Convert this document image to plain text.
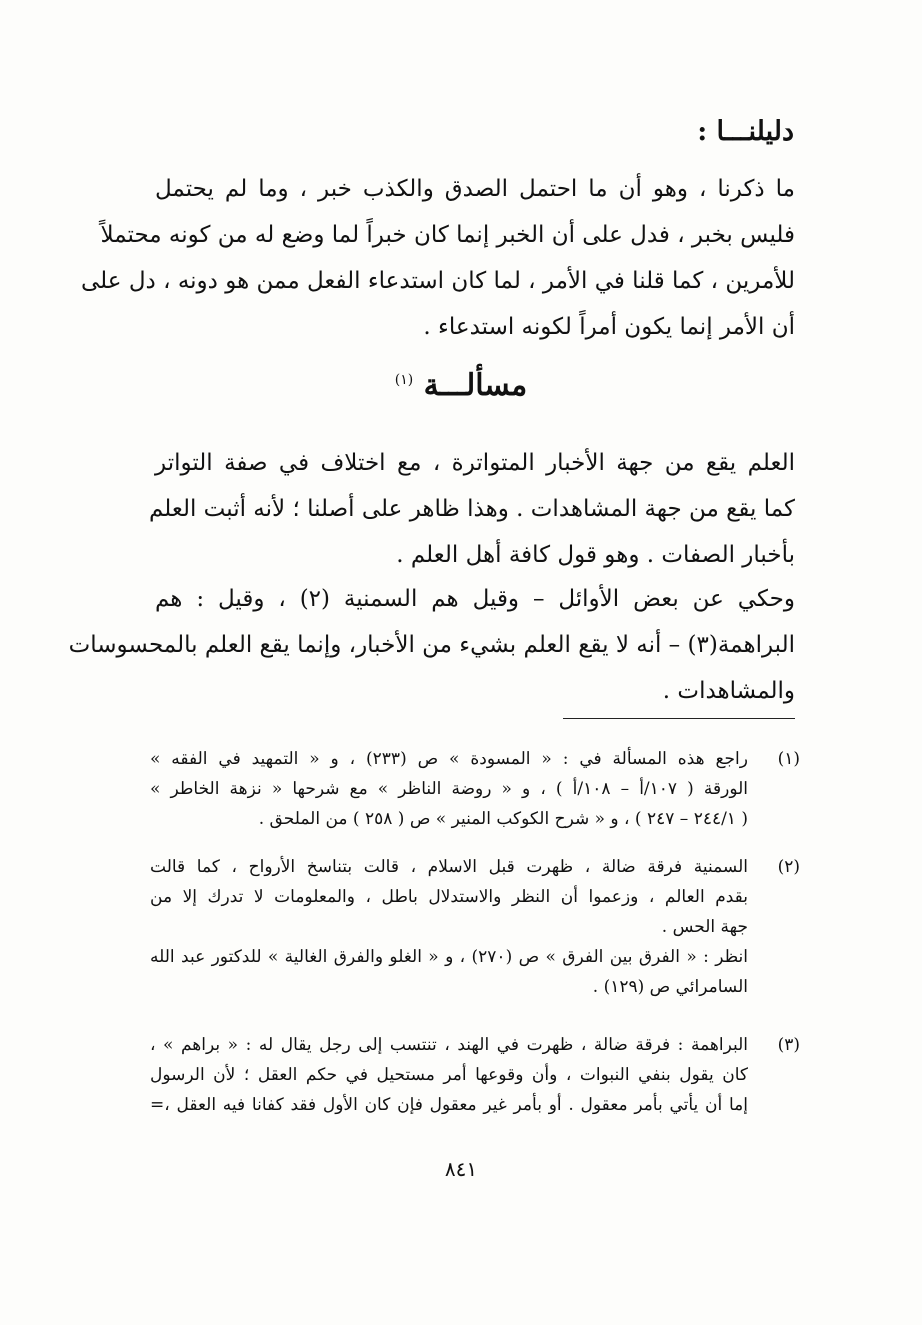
دليلنـــا :
ما ذكرنا ، وهو أن ما احتمل الصدق والكذب خبر ، وما لم يحتمل
فليس بخبر ، فدل على أن الخبر إنما كان خبراً لما وضع له من كونه محتملاً
للأمرين ، كما قلنا في الأمر ، لما كان استدعاء الفعل ممن هو دونه ، دل على
أن الأمر إنما يكون أمراً لكونه استدعاء .
مسألـــة $^{(١)}$
العلم يقع من جهة الأخبار المتواترة ، مع اختلاف في صفة التواتر
كما يقع من جهة المشاهدات . وهذا ظاهر على أصلنا ؛ لأنه أثبت العلم
بأخبار الصفات . وهو قول كافة أهل العلم .
وحكي عن بعض الأوائل – وقيل هم السمنية (٢) ، وقيل : هم
البراهمة(٣) – أنه لا يقع العلم بشيء من الأخبار، وإنما يقع العلم بالمحسوسات
والمشاهدات .
(١)
راجع هذه المسألة في : « المسودة » ص (٢٣٣) ، و « التمهيد في الفقه »
الورقة ( ١٠٧/أ – ١٠٨/أ ) ، و « روضة الناظر » مع شرحها « نزهة الخاطر »
( ٢٤٤/١ – ٢٤٧ ) ، و « شرح الكوكب المنير » ص ( ٢٥٨ ) من الملحق .
(٢)
السمنية فرقة ضالة ، ظهرت قبل الاسلام ، قالت بتناسخ الأرواح ، كما قالت
بقدم العالم ، وزعموا أن النظر والاستدلال باطل ، والمعلومات لا تدرك إلا من
جهة الحس .
انظر : « الفرق بين الفرق » ص (٢٧٠) ، و « الغلو والفرق الغالية » للدكتور عبد الله
السامرائي ص (١٢٩) .
(٣)
البراهمة : فرقة ضالة ، ظهرت في الهند ، تنتسب إلى رجل يقال له : « براهم » ،
كان يقول بنفي النبوات ، وأن وقوعها أمر مستحيل في حكم العقل ؛ لأن الرسول
إما أن يأتي بأمر معقول . أو بأمر غير معقول فإن كان الأول فقد كفانا فيه العقل ،=
٨٤١
